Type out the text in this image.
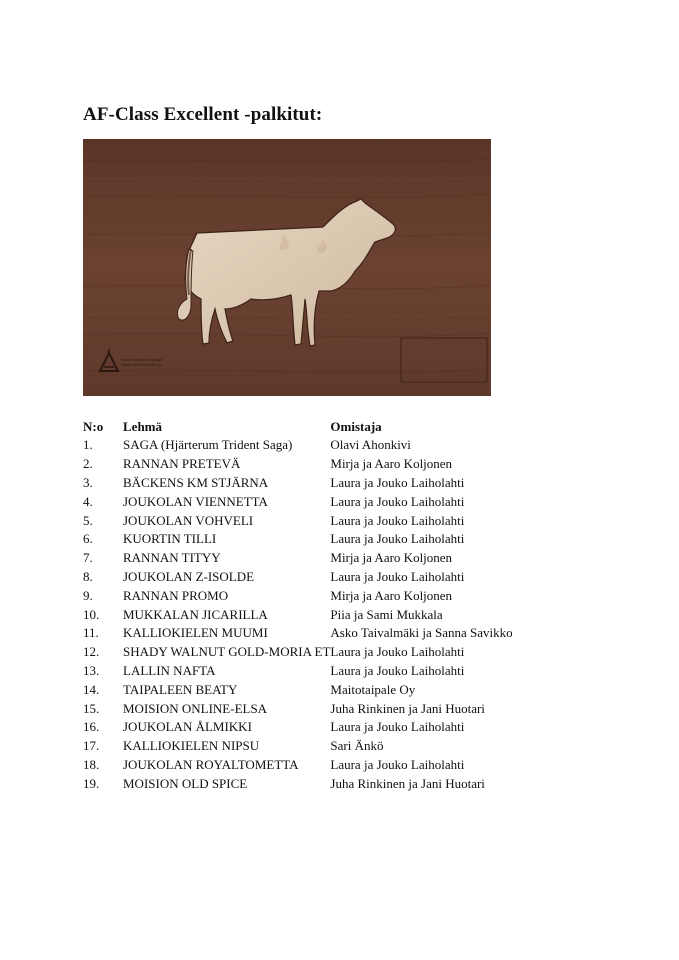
AF-Class Excellent -palkitut:
Suomen Ayrshire-Kasvattajat
Finnish Ayrshire Breeders ry
N:o	Lehmä	Omistaja
1.	SAGA (Hjärterum Trident Saga)	Olavi Ahonkivi
2.	RANNAN PRETEVÄ	Mirja ja Aaro Koljonen
3.	BÄCKENS KM STJÄRNA	Laura ja Jouko Laiholahti
4.	JOUKOLAN VIENNETTA	Laura ja Jouko Laiholahti
5.	JOUKOLAN VOHVELI	Laura ja Jouko Laiholahti
6.	KUORTIN TILLI	Laura ja Jouko Laiholahti
7.	RANNAN TITYY	Mirja ja Aaro Koljonen
8.	JOUKOLAN Z-ISOLDE	Laura ja Jouko Laiholahti
9.	RANNAN PROMO	Mirja ja Aaro Koljonen
10.	MUKKALAN JICARILLA	Piia ja Sami Mukkala
11.	KALLIOKIELEN MUUMI	Asko Taivalmäki ja Sanna Savikko
12.	SHADY WALNUT GOLD-MORIA ET	Laura ja Jouko Laiholahti
13.	LALLIN NAFTA	Laura ja Jouko Laiholahti
14.	TAIPALEEN BEATY	Maitotaipale Oy
15.	MOISION ONLINE-ELSA	Juha Rinkinen ja Jani Huotari
16.	JOUKOLAN ÅLMIKKI	Laura ja Jouko Laiholahti
17.	KALLIOKIELEN NIPSU	Sari Änkö
18.	JOUKOLAN ROYALTOMETTA	Laura ja Jouko Laiholahti
19.	MOISION OLD SPICE	Juha Rinkinen ja Jani Huotari
